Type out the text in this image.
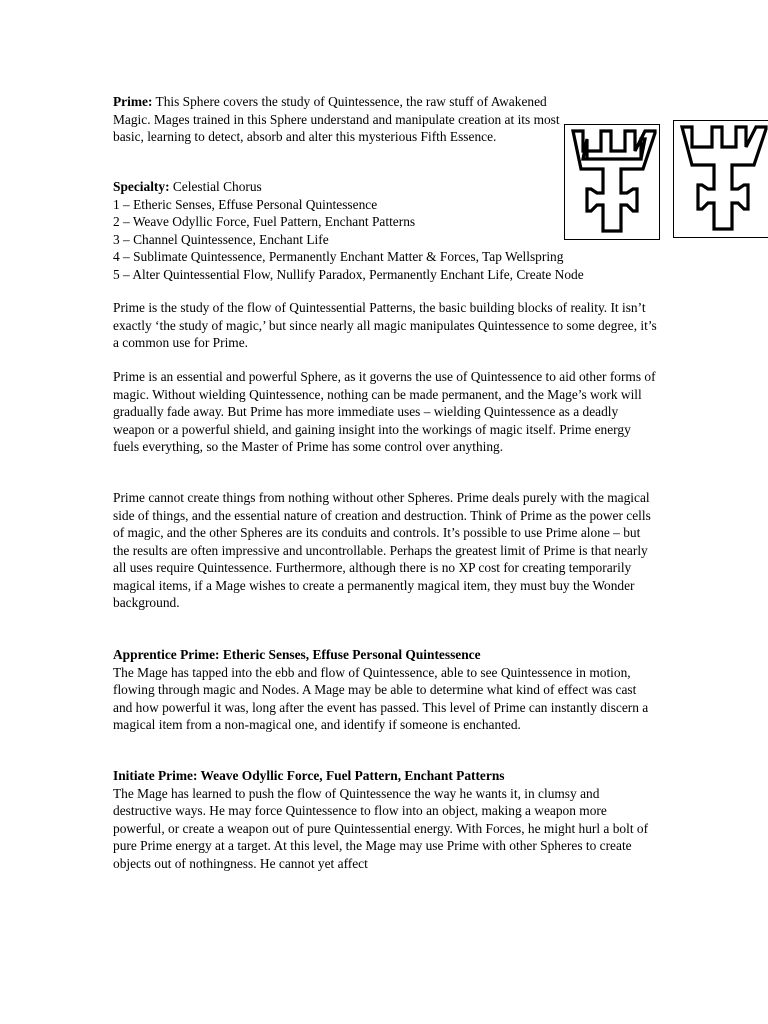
Prime: This Sphere covers the study of Quintessence, the raw stuff of Awakened Magic. Mages trained in this Sphere understand and manipulate creation at its most basic, learning to detect, absorb and alter this mysterious Fifth Essence.

Specialty: Celestial Chorus
1 – Etheric Senses, Effuse Personal Quintessence
2 – Weave Odyllic Force, Fuel Pattern, Enchant Patterns
3 – Channel Quintessence, Enchant Life
4 – Sublimate Quintessence, Permanently Enchant Matter & Forces, Tap Wellspring
5 – Alter Quintessential Flow, Nullify Paradox, Permanently Enchant Life, Create Node

Prime is the study of the flow of Quintessential Patterns, the basic building blocks of reality. It isn’t exactly ‘the study of magic,’ but since nearly all magic manipulates Quintessence to some degree, it’s a common use for Prime.

Prime is an essential and powerful Sphere, as it governs the use of Quintessence to aid other forms of magic. Without wielding Quintessence, nothing can be made permanent, and the Mage’s work will gradually fade away. But Prime has more immediate uses – wielding Quintessence as a deadly weapon or a powerful shield, and gaining insight into the workings of magic itself. Prime energy fuels everything, so the Master of Prime has some control over anything.

Prime cannot create things from nothing without other Spheres. Prime deals purely with the magical side of things, and the essential nature of creation and destruction. Think of Prime as the power cells of magic, and the other Spheres are its conduits and controls. It’s possible to use Prime alone – but the results are often impressive and uncontrollable. Perhaps the greatest limit of Prime is that nearly all uses require Quintessence. Furthermore, although there is no XP cost for creating temporarily magical items, if a Mage wishes to create a permanently magical item, they must buy the Wonder background.

Apprentice Prime: Etheric Senses, Effuse Personal Quintessence
The Mage has tapped into the ebb and flow of Quintessence, able to see Quintessence in motion, flowing through magic and Nodes. A Mage may be able to determine what kind of effect was cast and how powerful it was, long after the event has passed. This level of Prime can instantly discern a magical item from a non-magical one, and identify if someone is enchanted.
Initiate Prime: Weave Odyllic Force, Fuel Pattern, Enchant Patterns
The Mage has learned to push the flow of Quintessence the way he wants it, in clumsy and destructive ways. He may force Quintessence to flow into an object, making a weapon more powerful, or create a weapon out of pure Quintessential energy. With Forces, he might hurl a bolt of pure Prime energy at a target. At this level, the Mage may use Prime with other Spheres to create objects out of nothingness. He cannot yet affect
